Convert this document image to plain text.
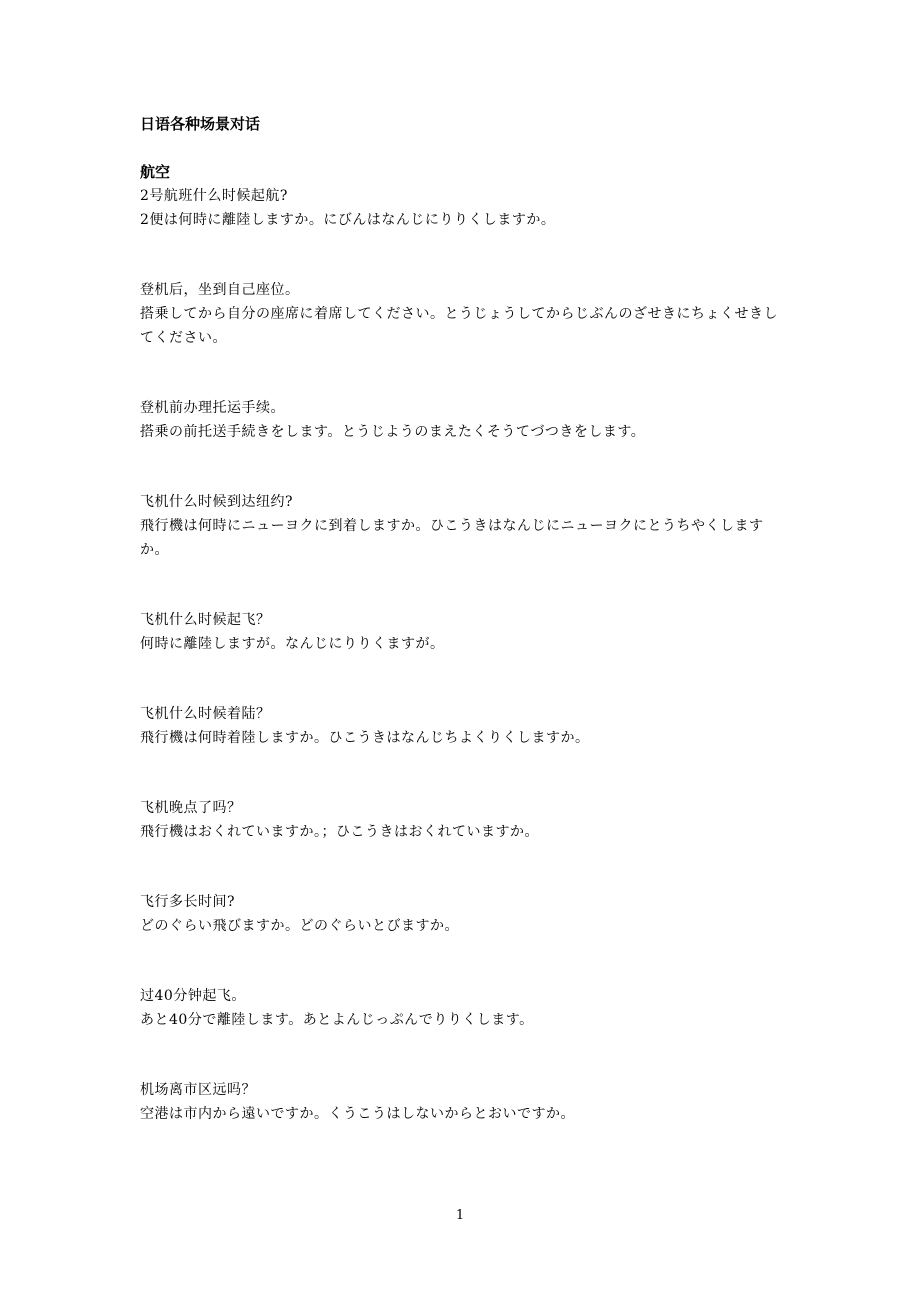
日语各种场景对话

航空

2号航班什么时候起航?

2便は何時に離陸しますか。にびんはなんじにりりくしますか。

登机后，坐到自己座位。

搭乗してから自分の座席に着席してください。とうじょうしてからじぶんのざせきにちょくせきしてください。

登机前办理托运手续。

搭乗の前托送手続きをします。とうじようのまえたくそうてづつきをします。

飞机什么时候到达纽约?

飛行機は何時にニューヨクに到着しますか。ひこうきはなんじにニューヨクにとうちやくしますか。

飞机什么时候起飞？

何時に離陸しますが。なんじにりりくますが。

飞机什么时候着陆？

飛行機は何時着陸しますか。ひこうきはなんじちよくりくしますか。

飞机晚点了吗？

飛行機はおくれていますか。；ひこうきはおくれていますか。

飞行多长时间?

どのぐらい飛びますか。どのぐらいとびますか。

过40分钟起飞。

あと40分で離陸します。あとよんじっぷんでりりくします。

机场离市区远吗？

空港は市内から遠いですか。くうこうはしないからとおいですか。

1
